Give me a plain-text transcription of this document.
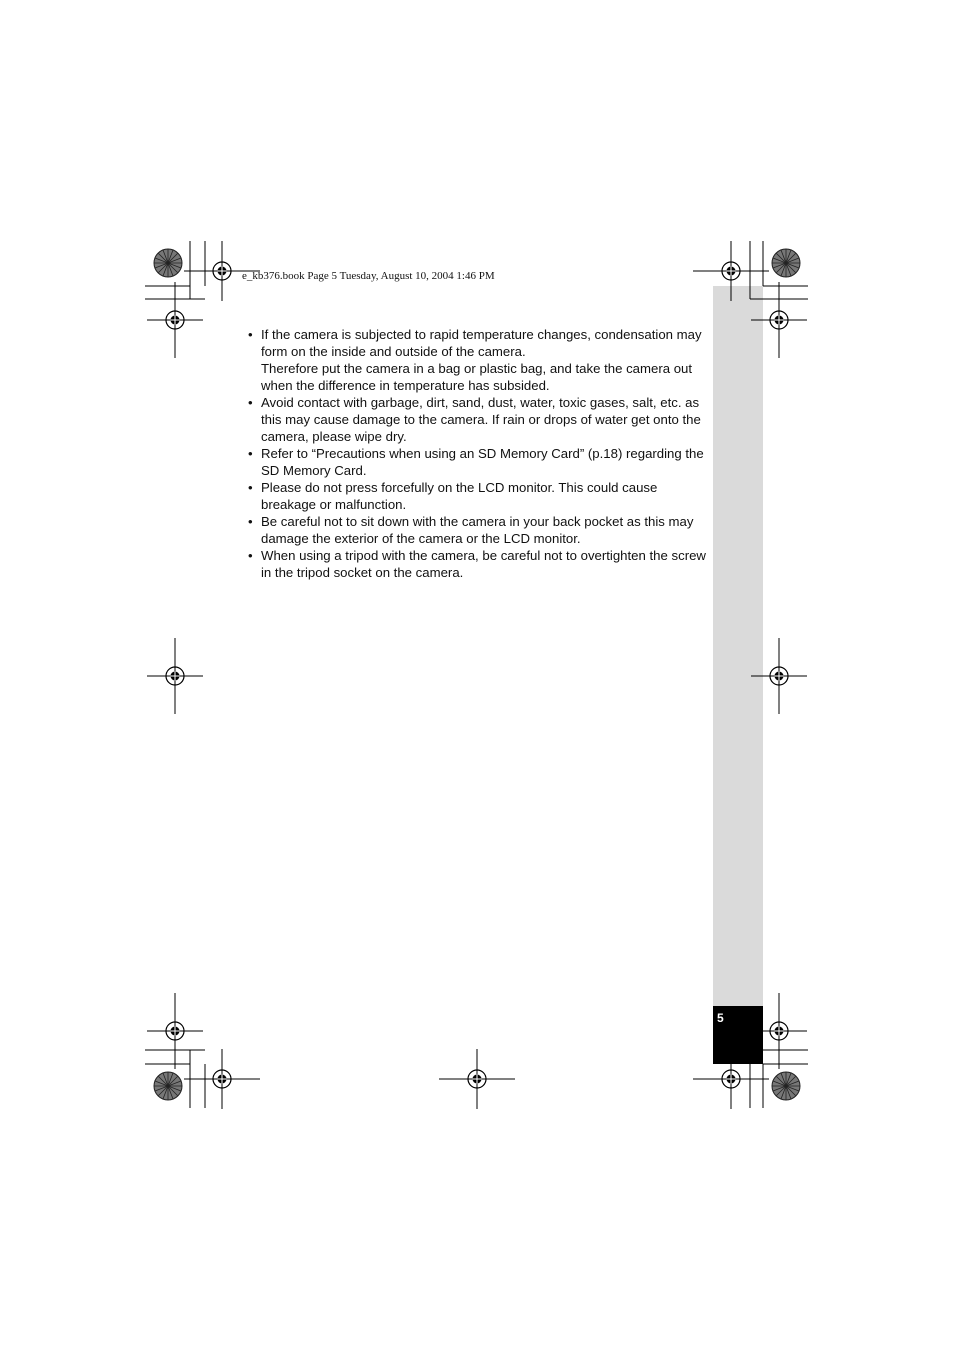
5
e_kb376.book Page 5 Tuesday, August 10, 2004 1:46 PM
• If the camera is subjected to rapid temperature changes, condensation may form on the inside and outside of the camera.
Therefore put the camera in a bag or plastic bag, and take the camera out when the difference in temperature has subsided.
• Avoid contact with garbage, dirt, sand, dust, water, toxic gases, salt, etc. as this may cause damage to the camera. If rain or drops of water get onto the camera, please wipe dry.
• Refer to “Precautions when using an SD Memory Card” (p.18) regarding the SD Memory Card.
• Please do not press forcefully on the LCD monitor. This could cause breakage or malfunction.
• Be careful not to sit down with the camera in your back pocket as this may damage the exterior of the camera or the LCD monitor.
• When using a tripod with the camera, be careful not to overtighten the screw in the tripod socket on the camera.
